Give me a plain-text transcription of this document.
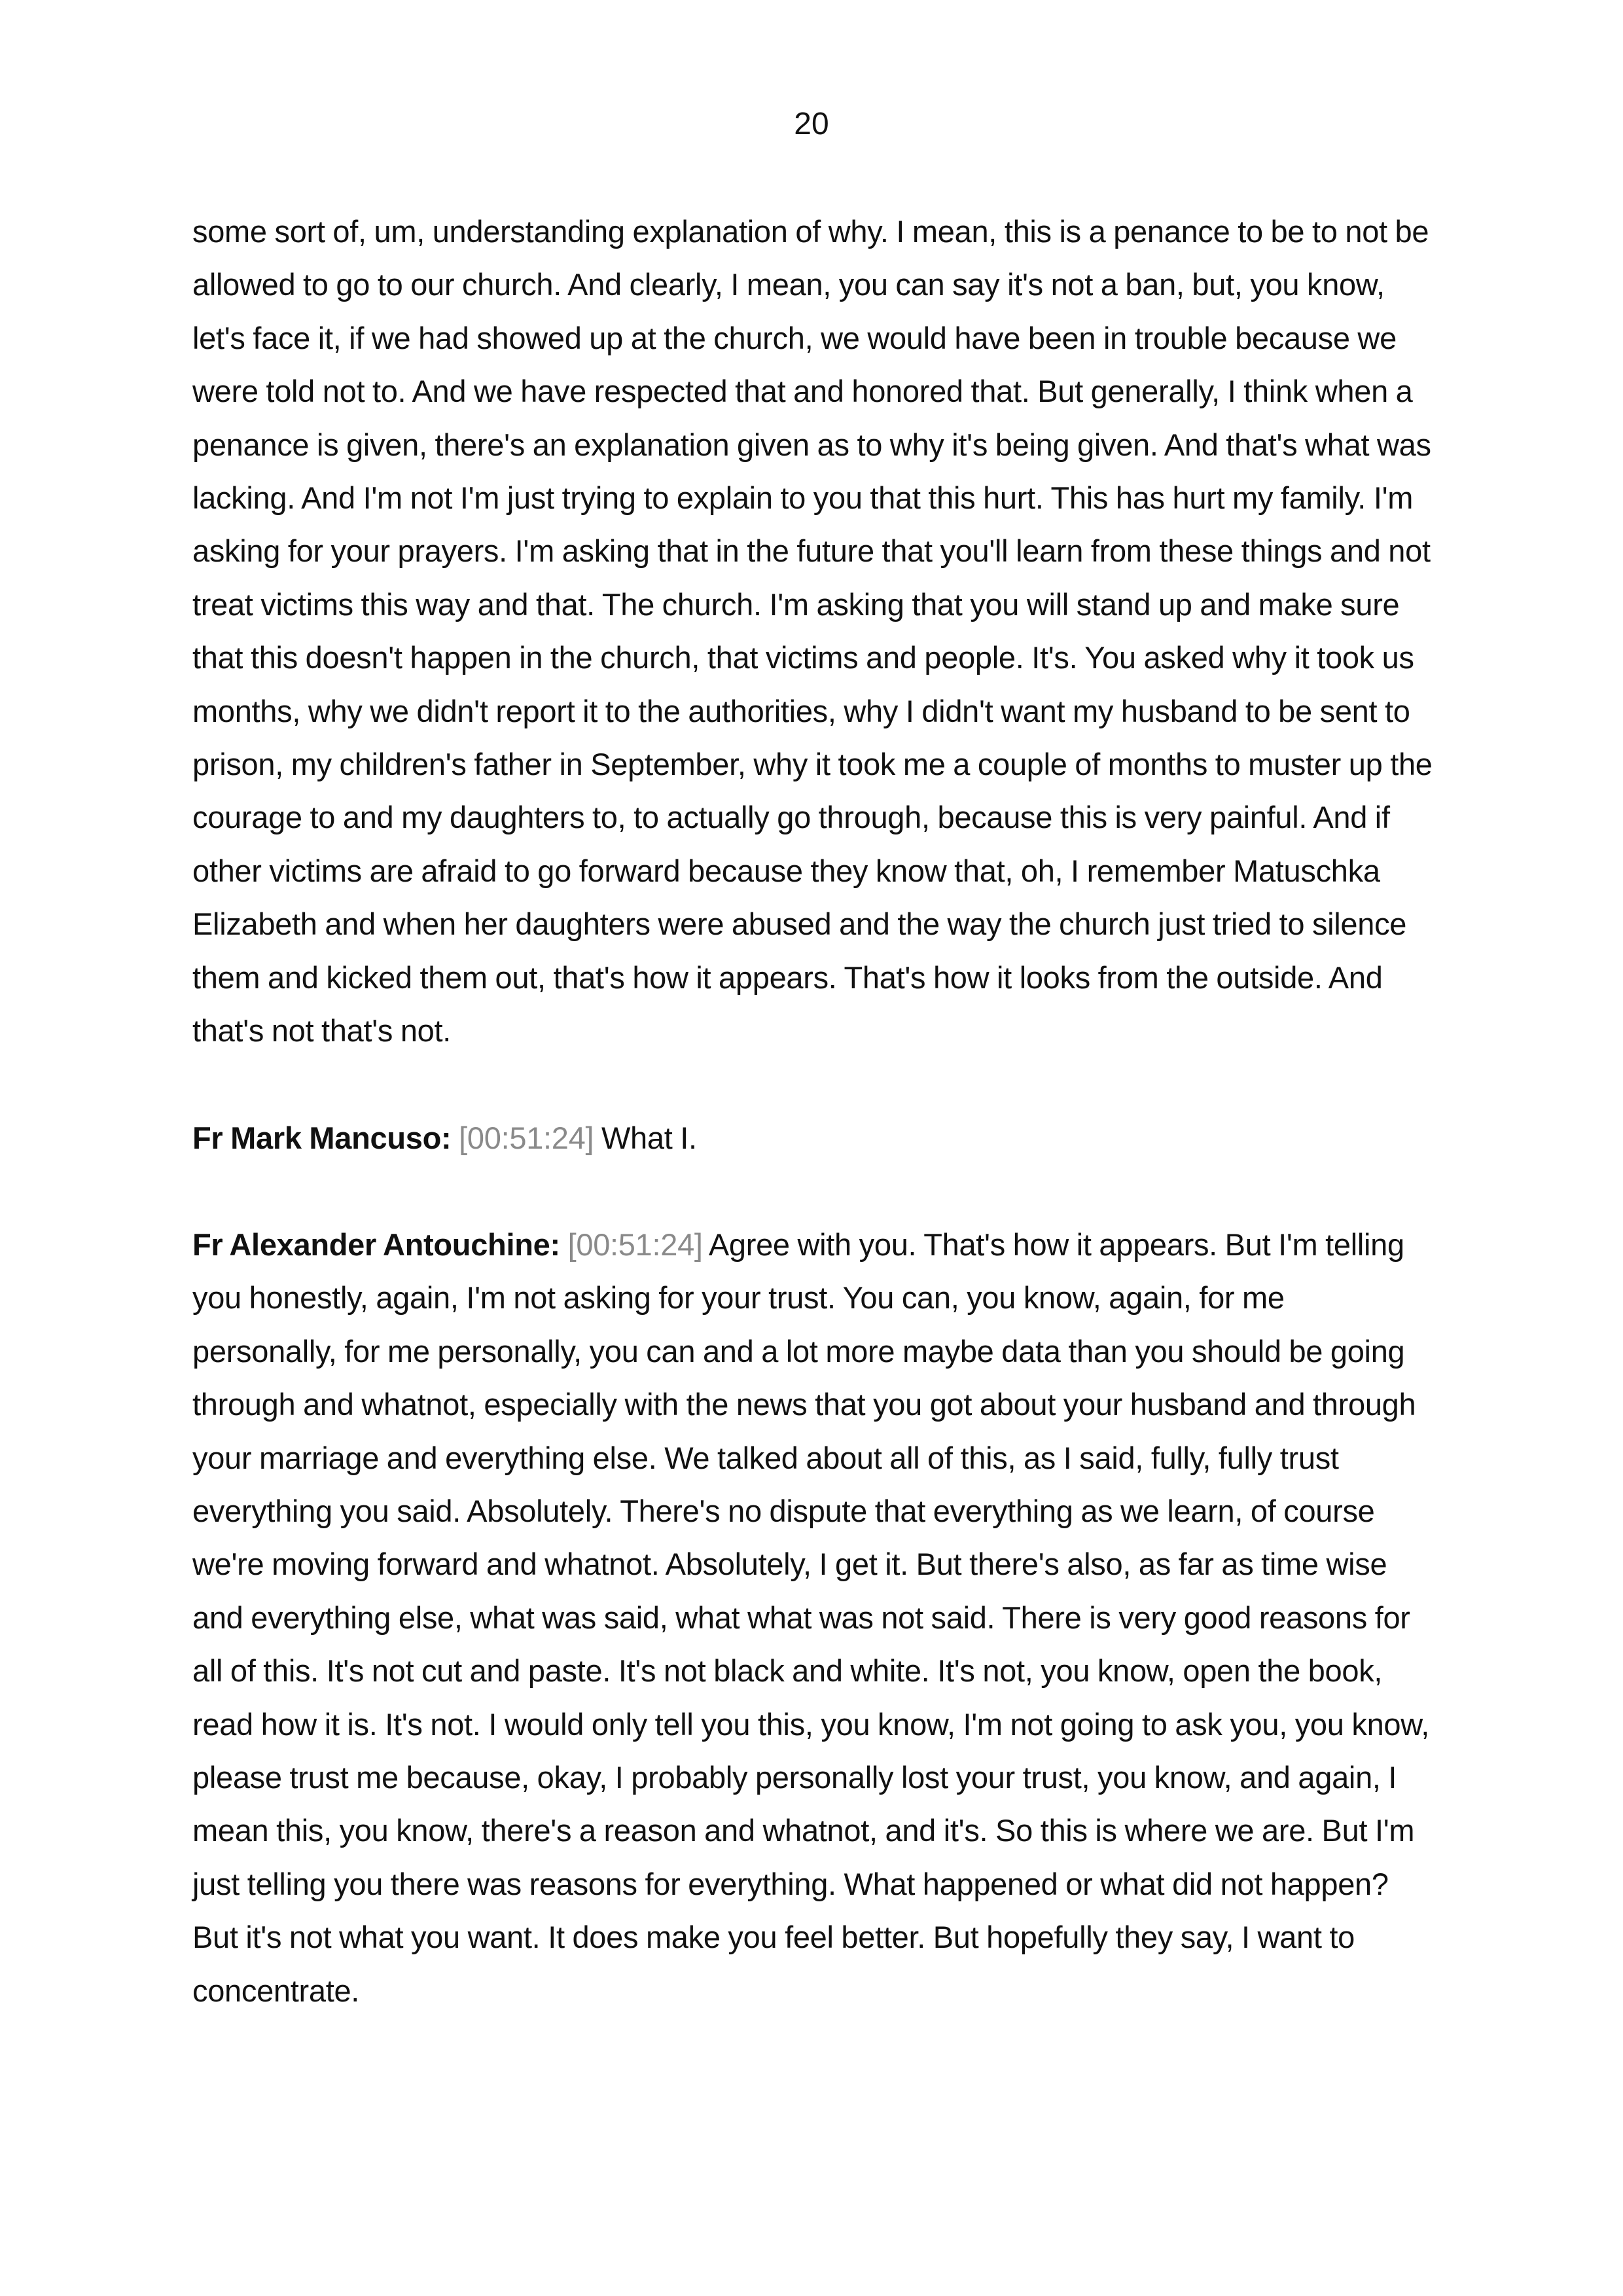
20

some sort of, um, understanding explanation of why. I mean, this is a penance to be to not be allowed to go to our church. And clearly, I mean, you can say it's not a ban, but, you know, let's face it, if we had showed up at the church, we would have been in trouble because we were told not to. And we have respected that and honored that. But generally, I think when a penance is given, there's an explanation given as to why it's being given. And that's what was lacking. And I'm not I'm just trying to explain to you that this hurt. This has hurt my family. I'm asking for your prayers. I'm asking that in the future that you'll learn from these things and not treat victims this way and that. The church. I'm asking that you will stand up and make sure that this doesn't happen in the church, that victims and people. It's. You asked why it took us months, why we didn't report it to the authorities, why I didn't want my husband to be sent to prison, my children's father in September, why it took me a couple of months to muster up the courage to and my daughters to, to actually go through, because this is very painful. And if other victims are afraid to go forward because they know that, oh, I remember Matuschka Elizabeth and when her daughters were abused and the way the church just tried to silence them and kicked them out, that's how it appears. That's how it looks from the outside. And that's not that's not.

Fr Mark Mancuso: [00:51:24] What I.

Fr Alexander Antouchine: [00:51:24] Agree with you. That's how it appears. But I'm telling you honestly, again, I'm not asking for your trust. You can, you know, again, for me personally, for me personally, you can and a lot more maybe data than you should be going through and whatnot, especially with the news that you got about your husband and through your marriage and everything else. We talked about all of this, as I said, fully, fully trust everything you said. Absolutely. There's no dispute that everything as we learn, of course we're moving forward and whatnot. Absolutely, I get it. But there's also, as far as time wise and everything else, what was said, what what was not said. There is very good reasons for all of this. It's not cut and paste. It's not black and white. It's not, you know, open the book, read how it is. It's not. I would only tell you this, you know, I'm not going to ask you, you know, please trust me because, okay, I probably personally lost your trust, you know, and again, I mean this, you know, there's a reason and whatnot, and it's. So this is where we are. But I'm just telling you there was reasons for everything. What happened or what did not happen? But it's not what you want. It does make you feel better. But hopefully they say, I want to concentrate.
